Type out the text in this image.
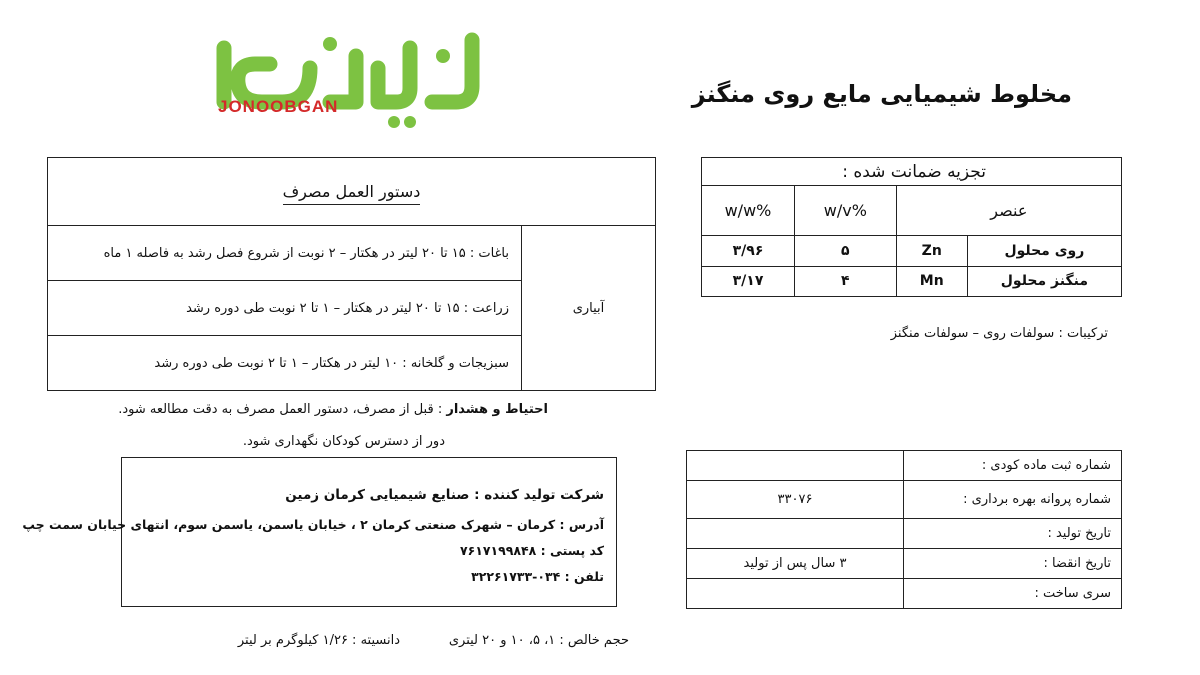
JONOOBGAN	مخلوط شیمیایی مایع روی منگنز
دستور العمل مصرف
آبیاری	باغات : ۱۵ تا ۲۰ لیتر در هکتار – ۲ نوبت از شروع فصل رشد به فاصله ۱ ماه
زراعت : ۱۵ تا ۲۰ لیتر در هکتار – ۱ تا ۲ نوبت طی دوره رشد
سبزیجات و گلخانه : ۱۰ لیتر در هکتار – ۱ تا ۲ نوبت طی دوره رشد
تجزیه ضمانت شده :			
عنصر		%w/v	%w/w
روی محلول	Zn	۵	۳/۹۶
منگنز محلول	Mn	۴	۳/۱۷
ترکیبات : سولفات روی – سولفات منگنز
احتیاط و هشدار : قبل از مصرف، دستور العمل مصرف به دقت مطالعه شود.
دور از دسترس کودکان نگهداری شود.
شرکت تولید کننده : صنایع شیمیایی کرمان زمین
آدرس : کرمان – شهرک صنعتی کرمان ۲ ، خیابان یاسمن، یاسمن سوم، انتهای خیابان سمت چپ
کد پستی : ۷۶۱۷۱۹۹۸۴۸
تلفن : ۰۳۴-۳۲۲۶۱۷۳۳
شماره ثبت ماده کودی :	
شماره پروانه بهره برداری :	۳۳۰۷۶
تاریخ تولید :	
تاریخ انقضا :	۳ سال پس از تولید
سری ساخت :	
حجم خالص : ۱، ۵، ۱۰ و ۲۰ لیتری
دانسیته : ۱/۲۶ کیلوگرم بر لیتر
